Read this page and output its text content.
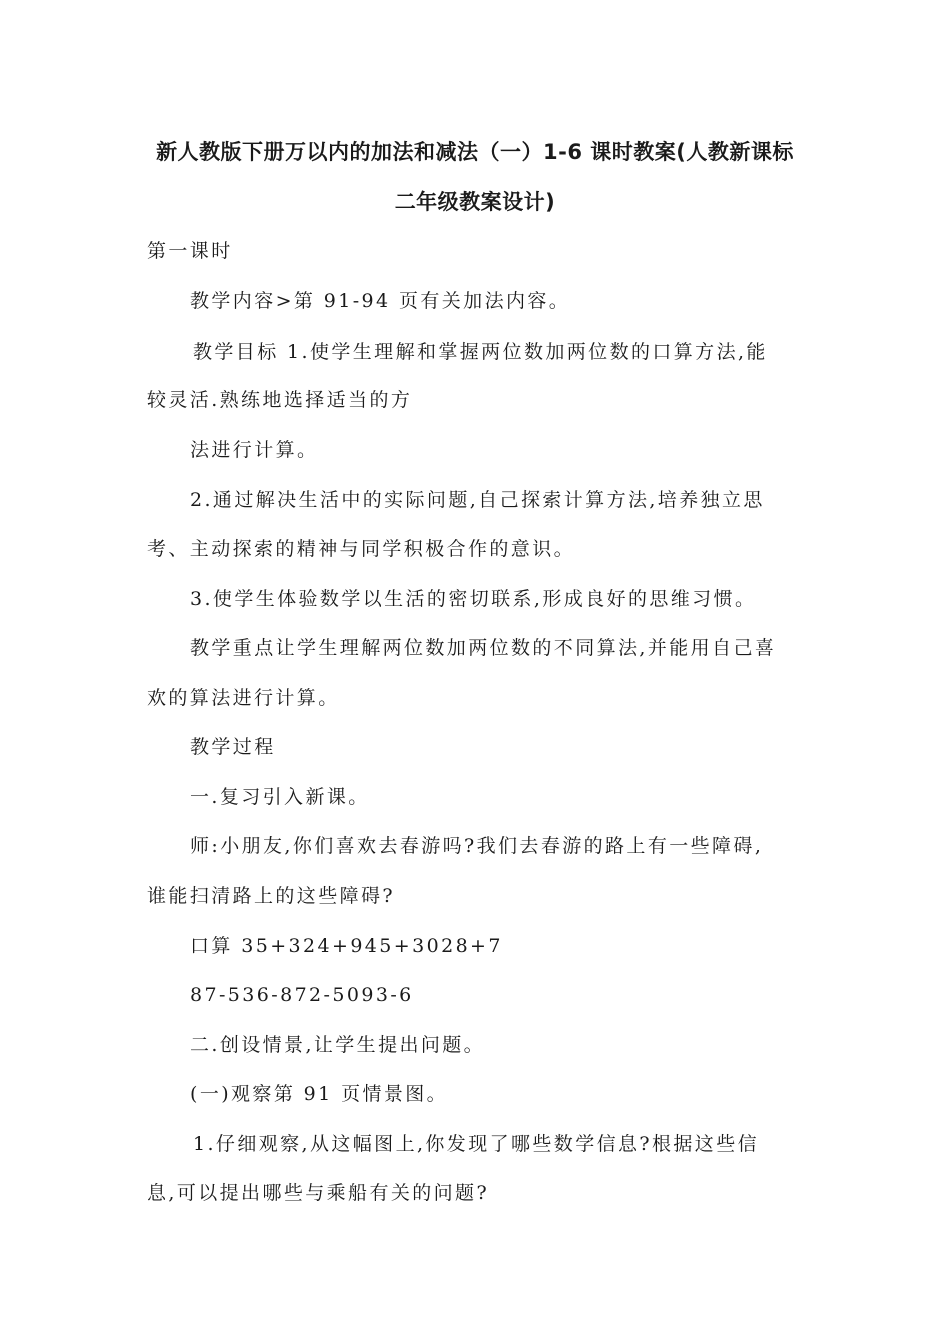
新人教版下册万以内的加法和减法（一）1-6 课时教案(人教新课标
二年级教案设计)
第一课时
教学内容>第 91-94 页有关加法内容。
教学目标 1.使学生理解和掌握两位数加两位数的口算方法,能
较灵活.熟练地选择适当的方
法进行计算。
2.通过解决生活中的实际问题,自己探索计算方法,培养独立思
考、主动探索的精神与同学积极合作的意识。
3.使学生体验数学以生活的密切联系,形成良好的思维习惯。
教学重点让学生理解两位数加两位数的不同算法,并能用自己喜
欢的算法进行计算。
教学过程
一.复习引入新课。
师:小朋友,你们喜欢去春游吗?我们去春游的路上有一些障碍,
谁能扫清路上的这些障碍?
口算 35+324+945+3028+7
87-536-872-5093-6
二.创设情景,让学生提出问题。
(一)观察第 91 页情景图。
1.仔细观察,从这幅图上,你发现了哪些数学信息?根据这些信
息,可以提出哪些与乘船有关的问题?
